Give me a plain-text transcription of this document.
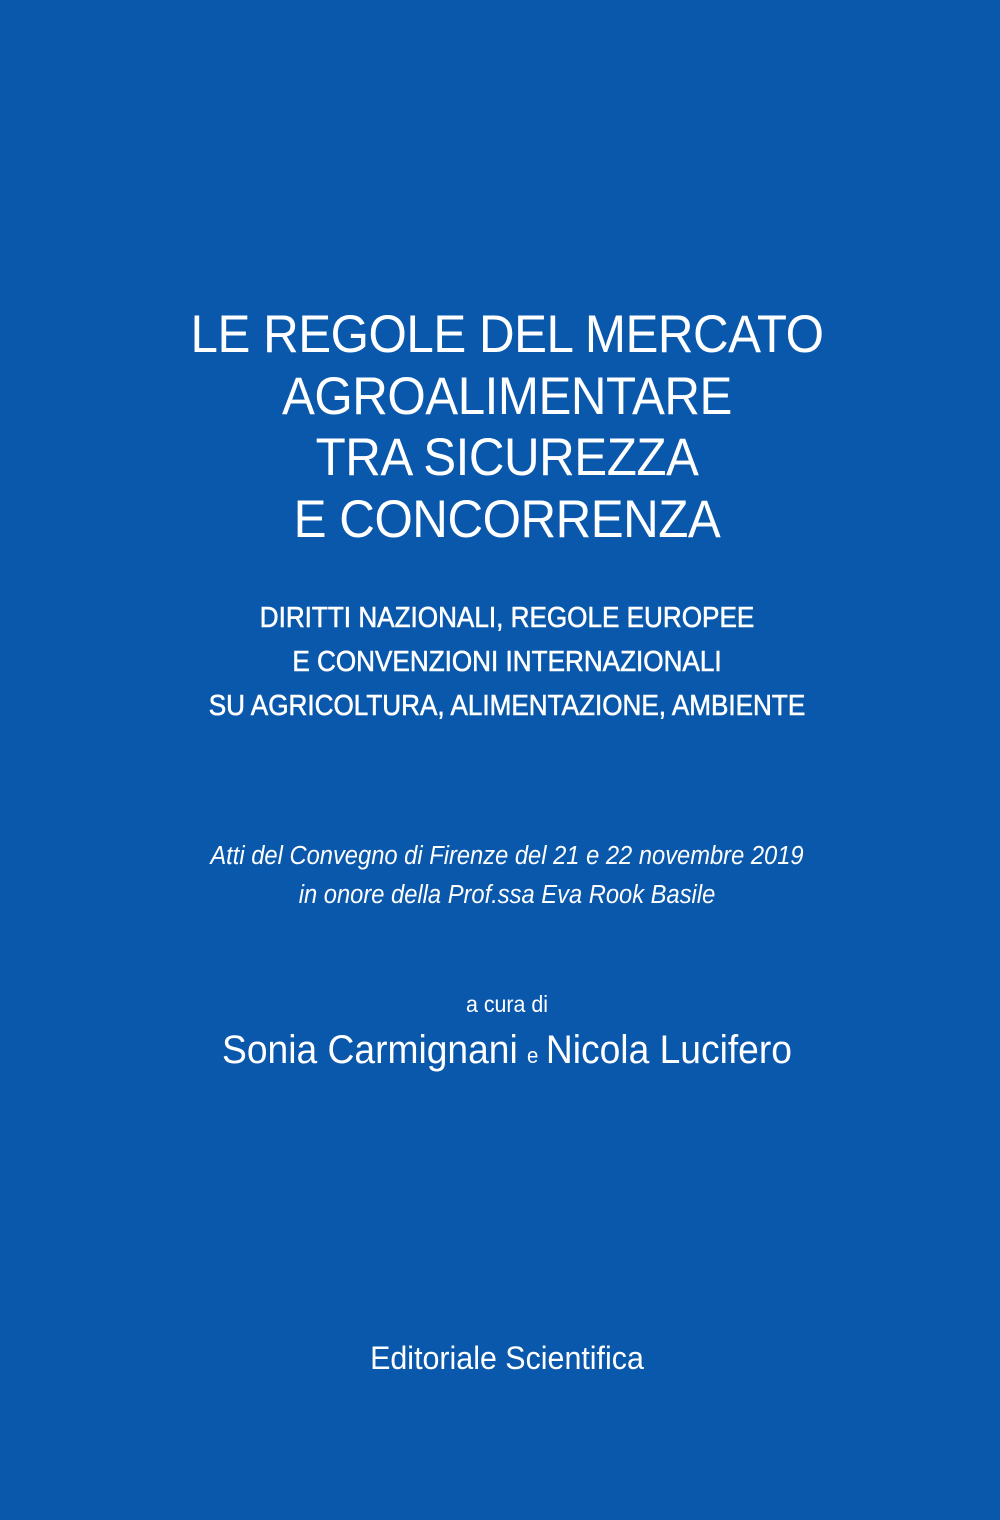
LE REGOLE DEL MERCATO
AGROALIMENTARE
TRA SICUREZZA
E CONCORRENZA
DIRITTI NAZIONALI, REGOLE EUROPEE
E CONVENZIONI INTERNAZIONALI
SU AGRICOLTURA, ALIMENTAZIONE, AMBIENTE
Atti del Convegno di Firenze del 21 e 22 novembre 2019
in onore della Prof.ssa Eva Rook Basile
a cura di
Sonia Carmignani e Nicola Lucifero
Editoriale Scientifica
